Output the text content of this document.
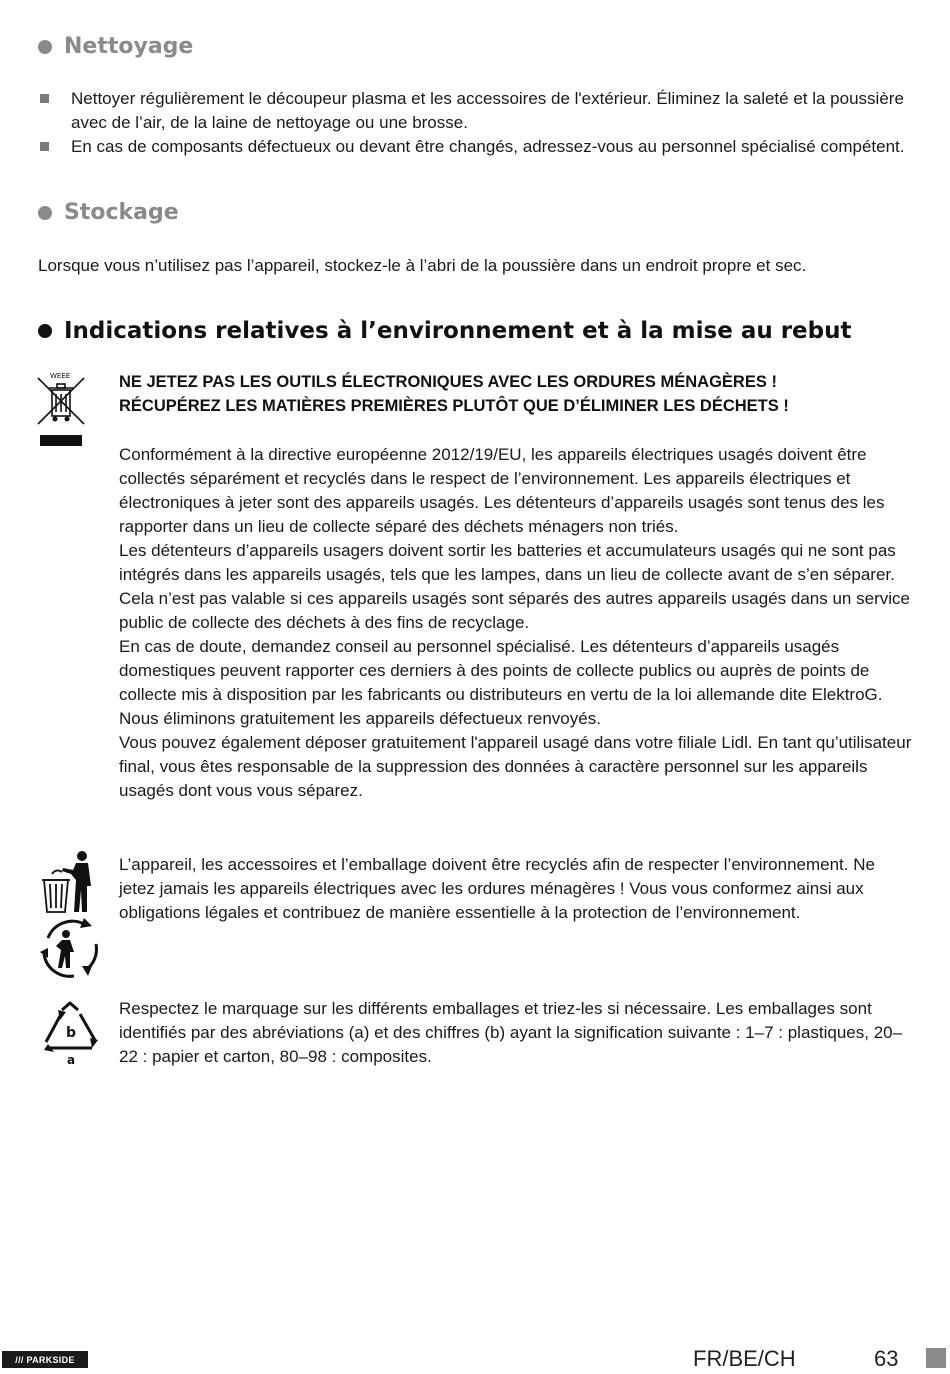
Nettoyage
Nettoyer régulièrement le découpeur plasma et les accessoires de l'extérieur. Éliminez la saleté et la poussière avec de l’air, de la laine de nettoyage ou une brosse.
En cas de composants défectueux ou devant être changés, adressez-vous au personnel spécialisé compétent.
Stockage

Lorsque vous n’utilisez pas l’appareil, stockez-le à l’abri de la poussière dans un endroit propre et sec.

Indications relatives à l’environnement et à la mise au rebut
WEEE	NE JETEZ PAS LES OUTILS ÉLECTRONIQUES AVEC LES ORDURES MÉNAGÈRES !
RÉCUPÉREZ LES MATIÈRES PREMIÈRES PLUTÔT QUE D’ÉLIMINER LES DÉCHETS !

Conformément à la directive européenne 2012/19/EU, les appareils électriques usagés doivent être collectés séparément et recyclés dans le respect de l’environnement. Les appareils électriques et électroniques à jeter sont des appareils usagés. Les détenteurs d’appareils usagés sont tenus des les rapporter dans un lieu de collecte séparé des déchets ménagers non triés.

Les détenteurs d’appareils usagers doivent sortir les batteries et accumulateurs usagés qui ne sont pas intégrés dans les appareils usagés, tels que les lampes, dans un lieu de collecte avant de s’en séparer. Cela n’est pas valable si ces appareils usagés sont séparés des autres appareils usagés dans un service public de collecte des déchets à des fins de recyclage.

En cas de doute, demandez conseil au personnel spécialisé. Les détenteurs d’appareils usagés domestiques peuvent rapporter ces derniers à des points de collecte publics ou auprès de points de collecte mis à disposition par les fabricants ou distributeurs en vertu de la loi allemande dite ElektroG. Nous éliminons gratuitement les appareils défectueux renvoyés.

Vous pouvez également déposer gratuitement l'appareil usagé dans votre filiale Lidl. En tant qu’utilisateur final, vous êtes responsable de la suppression des données à caractère personnel sur les appareils usagés dont vous vous séparez.

L’appareil, les accessoires et l’emballage doivent être recyclés afin de respecter l’environnement. Ne jetez jamais les appareils électriques avec les ordures ménagères ! Vous vous conformez ainsi aux obligations légales et contribuez de manière essentielle à la protection de l’environnement.
b
a
Respectez le marquage sur les différents emballages et triez-les si nécessaire. Les emballages sont identifiés par des abréviations (a) et des chiffres (b) ayant la signification suivante : 1–7 : plastiques, 20–22 : papier et carton, 80–98 : composites.
/// PARKSIDE	FR/BE/CH	63
